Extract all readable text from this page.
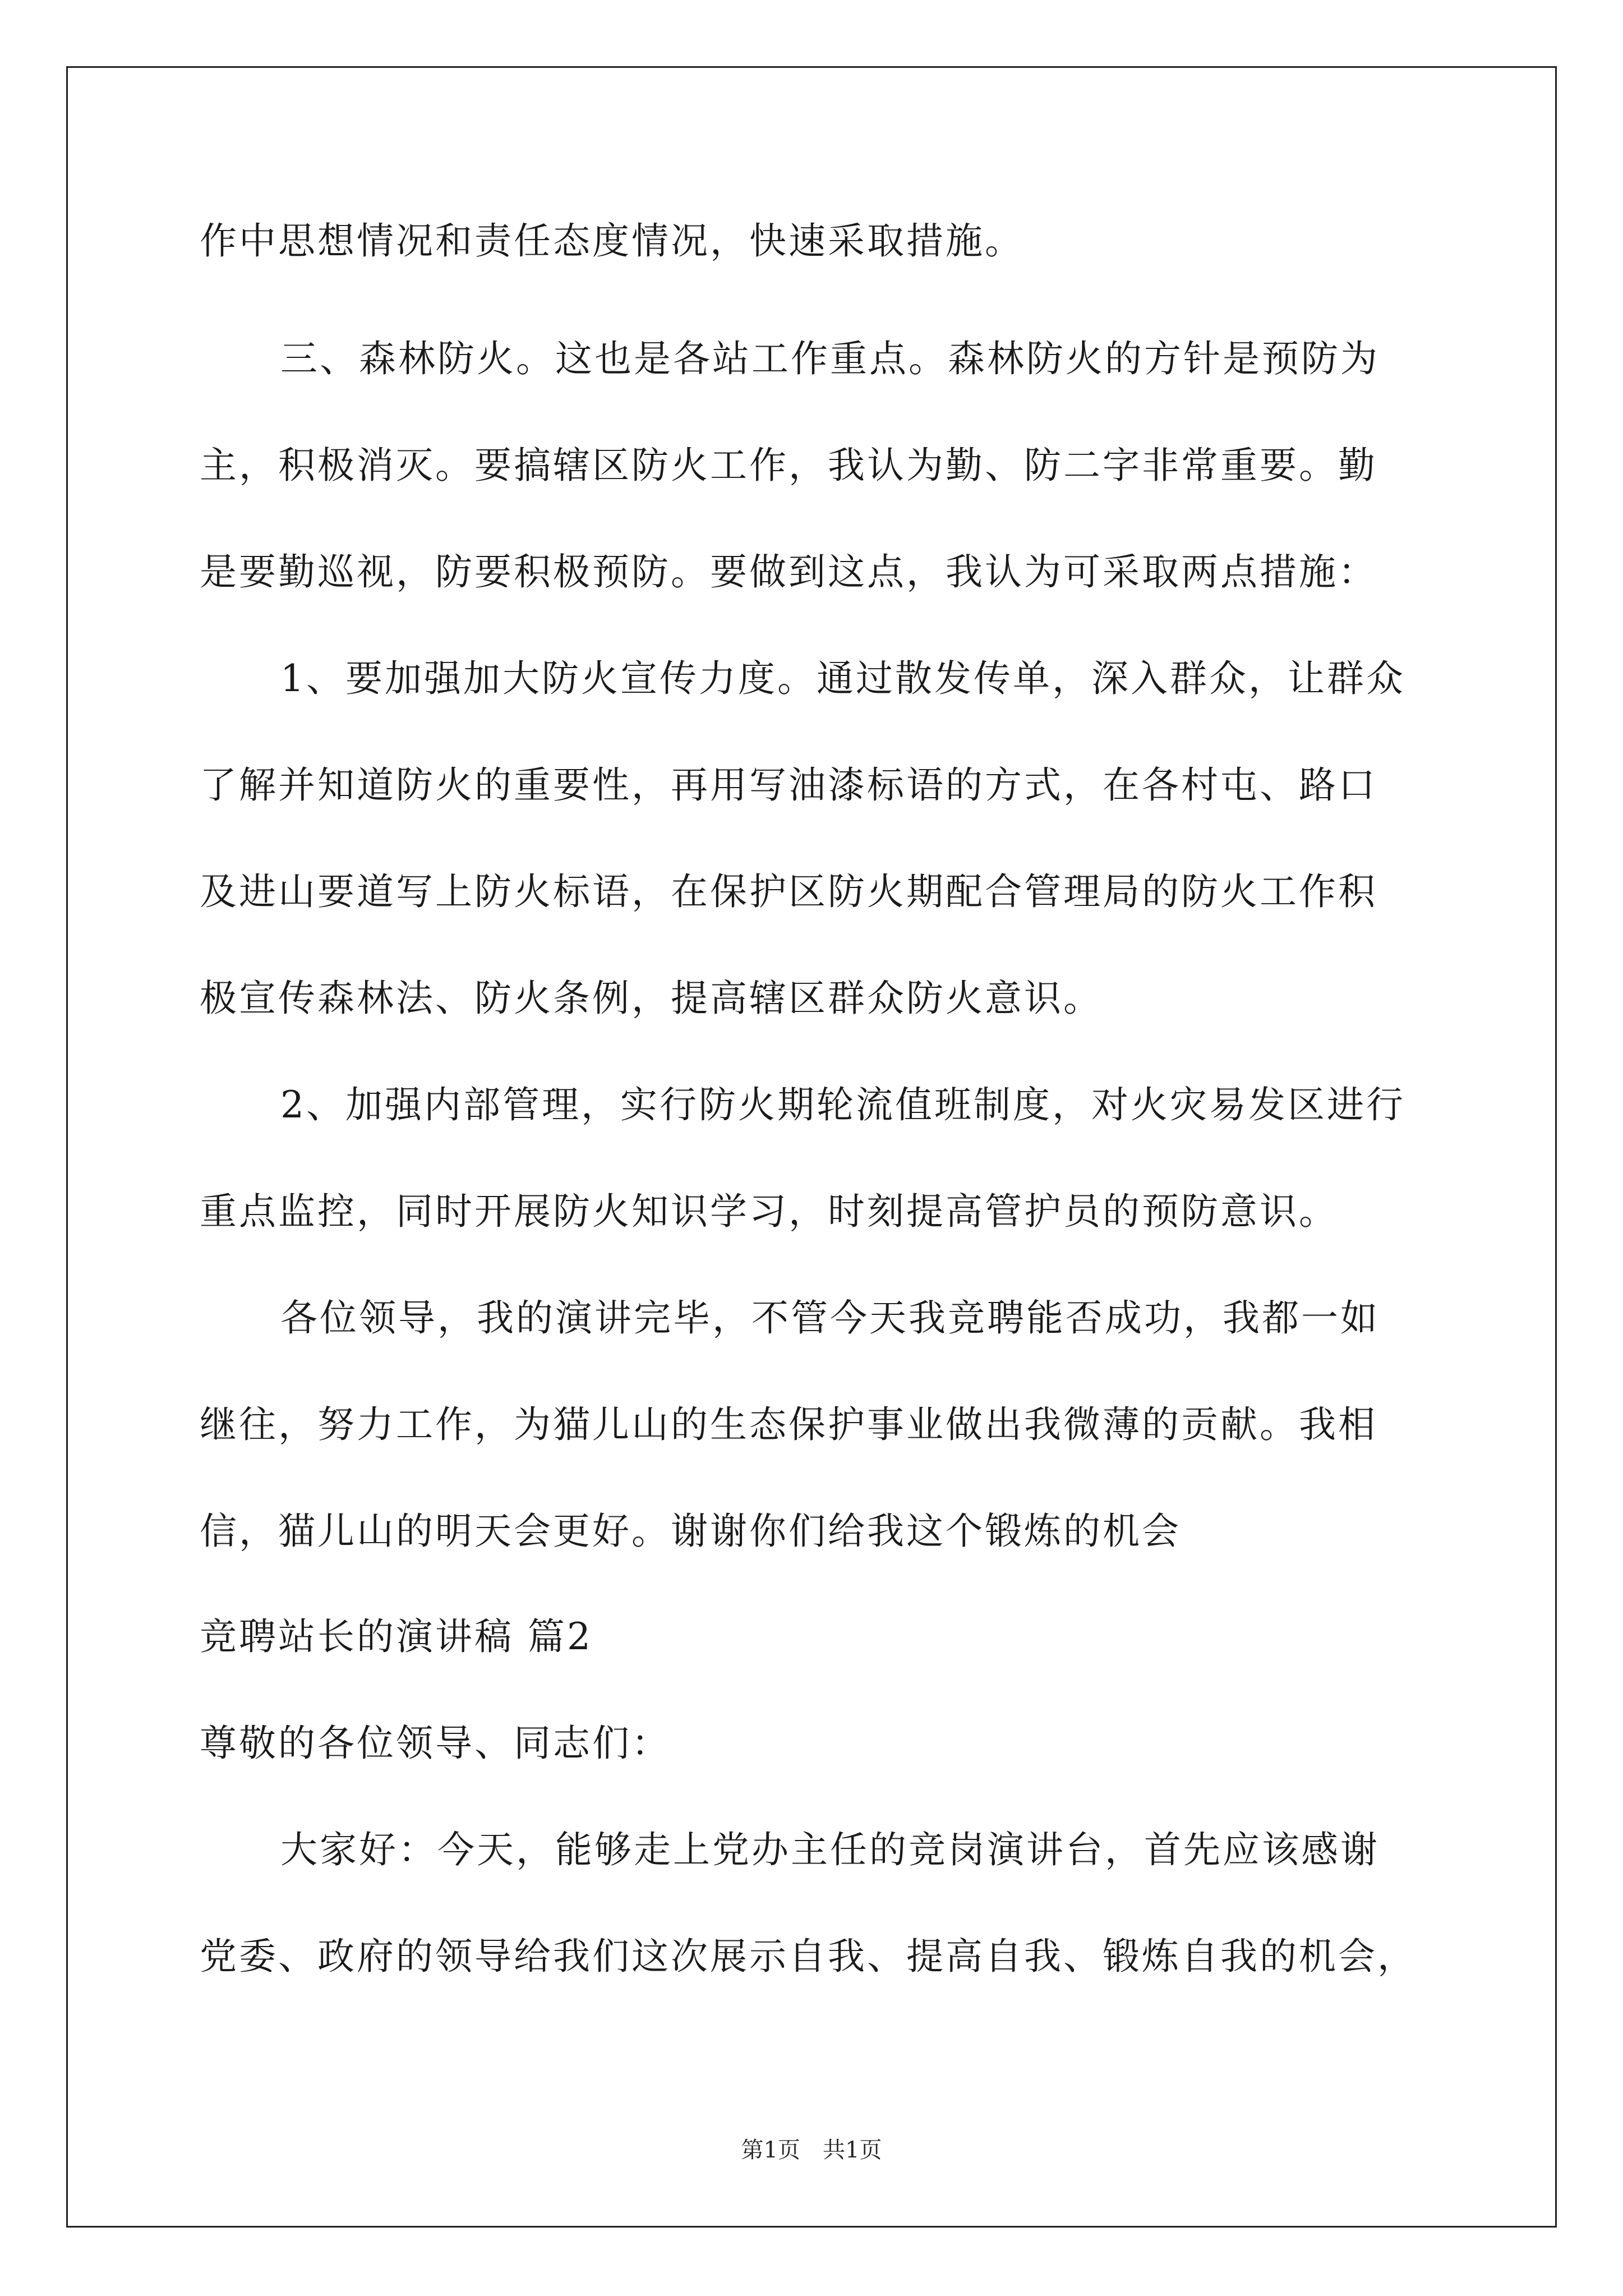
作中思想情况和责任态度情况，快速采取措施。
三、森林防火。这也是各站工作重点。森林防火的方针是预防为
主，积极消灭。要搞辖区防火工作，我认为勤、防二字非常重要。勤
是要勤巡视，防要积极预防。要做到这点，我认为可采取两点措施：
1、要加强加大防火宣传力度。通过散发传单，深入群众，让群众
了解并知道防火的重要性，再用写油漆标语的方式，在各村屯、路口
及进山要道写上防火标语，在保护区防火期配合管理局的防火工作积
极宣传森林法、防火条例，提高辖区群众防火意识。
2、加强内部管理，实行防火期轮流值班制度，对火灾易发区进行
重点监控，同时开展防火知识学习，时刻提高管护员的预防意识。
各位领导，我的演讲完毕，不管今天我竞聘能否成功，我都一如
继往，努力工作，为猫儿山的生态保护事业做出我微薄的贡献。我相
信，猫儿山的明天会更好。谢谢你们给我这个锻炼的机会
竞聘站长的演讲稿 篇2
尊敬的各位领导、同志们：
大家好：今天，能够走上党办主任的竞岗演讲台，首先应该感谢
党委、政府的领导给我们这次展示自我、提高自我、锻炼自我的机会，
第1页　共1页
